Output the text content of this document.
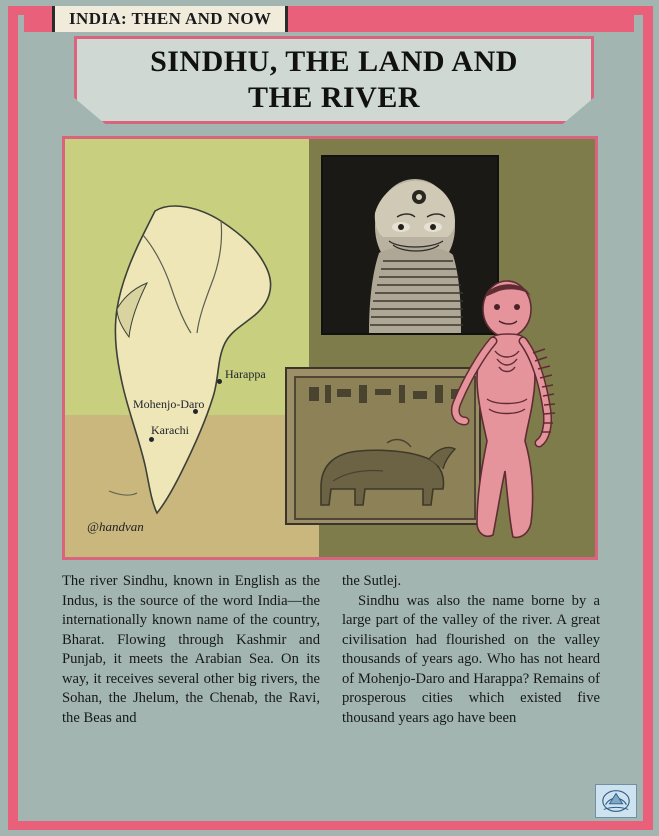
INDIA: THEN AND NOW
SINDHU, THE LAND AND
THE RIVER
Harappa
Mohenjo-Daro
Karachi
@handvan

The river Sindhu, known in English as the Indus, is the source of the word India—the internationally known name of the country, Bharat. Flowing through Kashmir and Punjab, it meets the Arabian Sea. On its way, it receives several other big rivers, the Sohan, the Jhelum, the Chenab, the Ravi, the Beas and

the Sutlej.

Sindhu was also the name borne by a large part of the valley of the river. A great civilisation had flourished on the valley thousands of years ago. Who has not heard of Mohenjo-Daro and Harappa? Remains of prosperous cities which existed five thousand years ago have been
